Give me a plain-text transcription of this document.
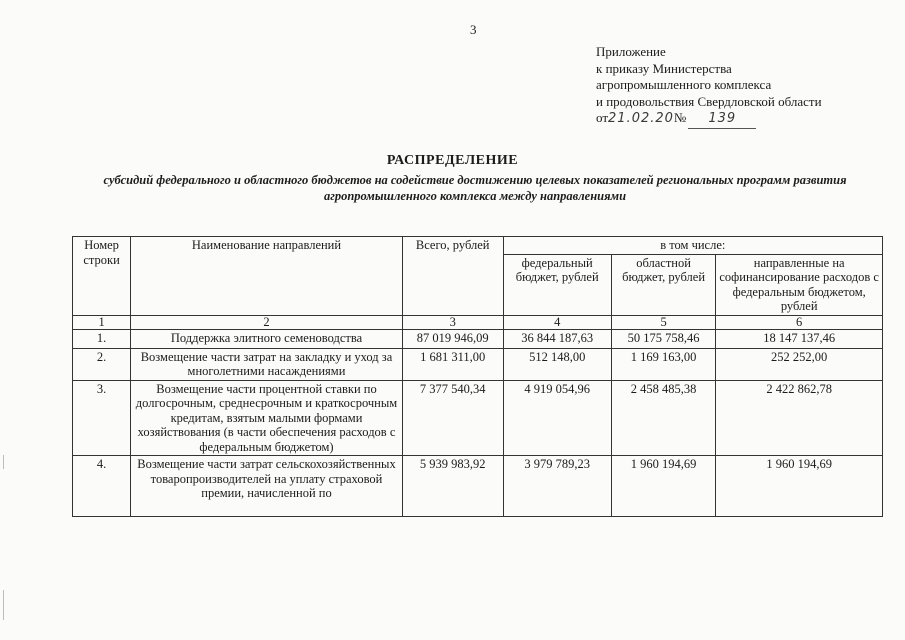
3
Приложение
к приказу Министерства
агропромышленного комплекса
и продовольствия Свердловской области
от21.02.20№ 139
РАСПРЕДЕЛЕНИЕ
субсидий федерального и областного бюджетов на содействие достижению целевых показателей региональных программ развития агропромышленного комплекса между направлениями
Номер строки	Наименование направлений	Всего, рублей	в том числе:		
			федеральный бюджет, рублей	областной бюджет, рублей	направленные на софинансирование расходов с федеральным бюджетом, рублей
1	2	3	4	5	6
1.	Поддержка элитного семеноводства	87 019 946,09	36 844 187,63	50 175 758,46	18 147 137,46
2.	Возмещение части затрат на закладку и уход за многолетними насаждениями	1 681 311,00	512 148,00	1 169 163,00	252 252,00
3.	Возмещение части процентной ставки по долгосрочным, среднесрочным и краткосрочным кредитам, взятым малыми формами хозяйствования (в части обеспечения расходов с федеральным бюджетом)	7 377 540,34	4 919 054,96	2 458 485,38	2 422 862,78
4.	Возмещение части затрат сельскохозяйственных товаропроизводителей на уплату страховой премии, начисленной по	5 939 983,92	3 979 789,23	1 960 194,69	1 960 194,69
